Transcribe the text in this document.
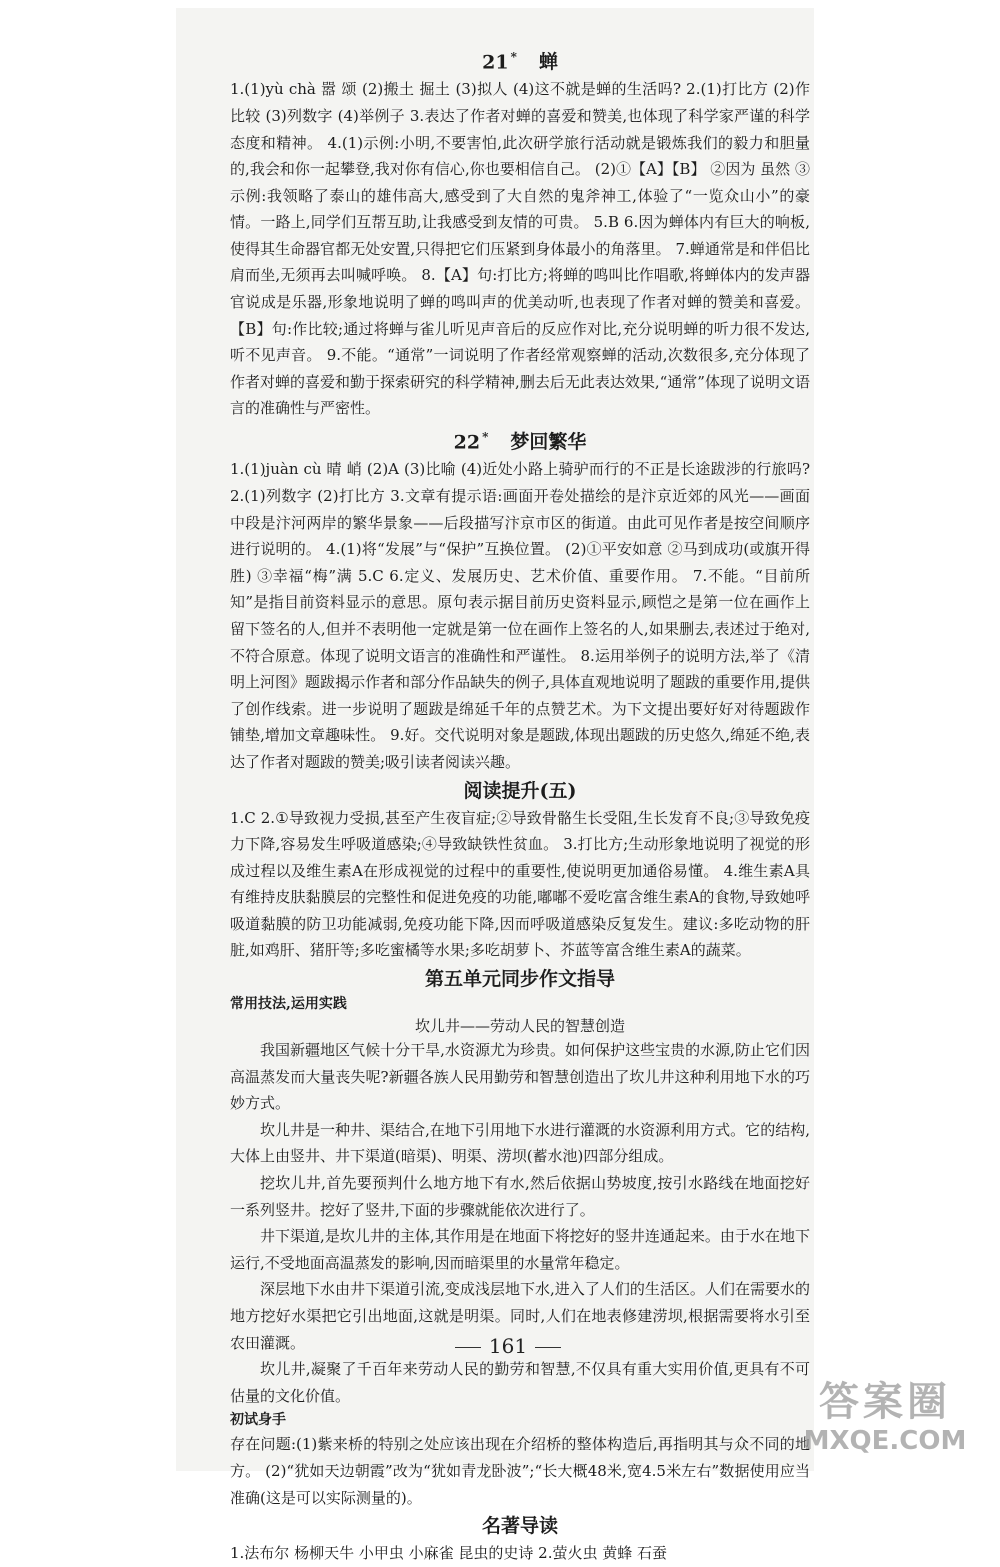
21 * 蝉

1.(1)yù chà 嚣 颂 (2)搬土 掘土 (3)拟人 (4)这不就是蝉的生活吗? 2.(1)打比方 (2)作比较 (3)列数字 (4)举例子 3.表达了作者对蝉的喜爱和赞美,也体现了科学家严谨的科学态度和精神。 4.(1)示例:小明,不要害怕,此次研学旅行活动就是锻炼我们的毅力和胆量的,我会和你一起攀登,我对你有信心,你也要相信自己。 (2)①【A】【B】 ②因为 虽然 ③示例:我领略了泰山的雄伟高大,感受到了大自然的鬼斧神工,体验了“一览众山小”的豪情。一路上,同学们互帮互助,让我感受到友情的可贵。 5.B 6.因为蝉体内有巨大的响板,使得其生命器官都无处安置,只得把它们压紧到身体最小的角落里。 7.蝉通常是和伴侣比肩而坐,无须再去叫喊呼唤。 8.【A】句:打比方;将蝉的鸣叫比作唱歌,将蝉体内的发声器官说成是乐器,形象地说明了蝉的鸣叫声的优美动听,也表现了作者对蝉的赞美和喜爱。【B】句:作比较;通过将蝉与雀儿听见声音后的反应作对比,充分说明蝉的听力很不发达,听不见声音。 9.不能。“通常”一词说明了作者经常观察蝉的活动,次数很多,充分体现了作者对蝉的喜爱和勤于探索研究的科学精神,删去后无此表达效果,“通常”体现了说明文语言的准确性与严密性。

22 * 梦回繁华

1.(1)juàn cù 晴 峭 (2)A (3)比喻 (4)近处小路上骑驴而行的不正是长途跋涉的行旅吗? 2.(1)列数字 (2)打比方 3.文章有提示语:画面开卷处描绘的是汴京近郊的风光——画面中段是汴河两岸的繁华景象——后段描写汴京市区的街道。由此可见作者是按空间顺序进行说明的。 4.(1)将“发展”与“保护”互换位置。 (2)①平安如意 ②马到成功(或旗开得胜) ③幸福“梅”满 5.C 6.定义、发展历史、艺术价值、重要作用。 7.不能。“目前所知”是指目前资料显示的意思。原句表示据目前历史资料显示,顾恺之是第一位在画作上留下签名的人,但并不表明他一定就是第一位在画作上签名的人,如果删去,表述过于绝对,不符合原意。体现了说明文语言的准确性和严谨性。 8.运用举例子的说明方法,举了《清明上河图》题跋揭示作者和部分作品缺失的例子,具体直观地说明了题跋的重要作用,提供了创作线索。进一步说明了题跋是绵延千年的点赞艺术。为下文提出要好好对待题跋作铺垫,增加文章趣味性。 9.好。交代说明对象是题跋,体现出题跋的历史悠久,绵延不绝,表达了作者对题跋的赞美;吸引读者阅读兴趣。

阅读提升(五)

1.C 2.①导致视力受损,甚至产生夜盲症;②导致骨骼生长受阻,生长发育不良;③导致免疫力下降,容易发生呼吸道感染;④导致缺铁性贫血。 3.打比方;生动形象地说明了视觉的形成过程以及维生素A在形成视觉的过程中的重要性,使说明更加通俗易懂。 4.维生素A具有维持皮肤黏膜层的完整性和促进免疫的功能,嘟嘟不爱吃富含维生素A的食物,导致她呼吸道黏膜的防卫功能减弱,免疫功能下降,因而呼吸道感染反复发生。建议:多吃动物的肝脏,如鸡肝、猪肝等;多吃蜜橘等水果;多吃胡萝卜、芥蓝等富含维生素A的蔬菜。

第五单元同步作文指导
常用技法,运用实践
坎儿井——劳动人民的智慧创造

我国新疆地区气候十分干旱,水资源尤为珍贵。如何保护这些宝贵的水源,防止它们因高温蒸发而大量丧失呢?新疆各族人民用勤劳和智慧创造出了坎儿井这种利用地下水的巧妙方式。

坎儿井是一种井、渠结合,在地下引用地下水进行灌溉的水资源利用方式。它的结构,大体上由竖井、井下渠道(暗渠)、明渠、涝坝(蓄水池)四部分组成。

挖坎儿井,首先要预判什么地方地下有水,然后依据山势坡度,按引水路线在地面挖好一系列竖井。挖好了竖井,下面的步骤就能依次进行了。

井下渠道,是坎儿井的主体,其作用是在地面下将挖好的竖井连通起来。由于水在地下运行,不受地面高温蒸发的影响,因而暗渠里的水量常年稳定。

深层地下水由井下渠道引流,变成浅层地下水,进入了人们的生活区。人们在需要水的地方挖好水渠把它引出地面,这就是明渠。同时,人们在地表修建涝坝,根据需要将水引至农田灌溉。

坎儿井,凝聚了千百年来劳动人民的勤劳和智慧,不仅具有重大实用价值,更具有不可估量的文化价值。

初试身手

存在问题:(1)紫来桥的特别之处应该出现在介绍桥的整体构造后,再指明其与众不同的地方。 (2)“犹如天边朝霞”改为“犹如青龙卧波”;“长大概48米,宽4.5米左右”数据使用应当准确(这是可以实际测量的)。

名著导读

1.法布尔 杨柳天牛 小甲虫 小麻雀 昆虫的史诗 2.萤火虫 黄蜂 石蚕

161
答案圈
MXQE.COM
